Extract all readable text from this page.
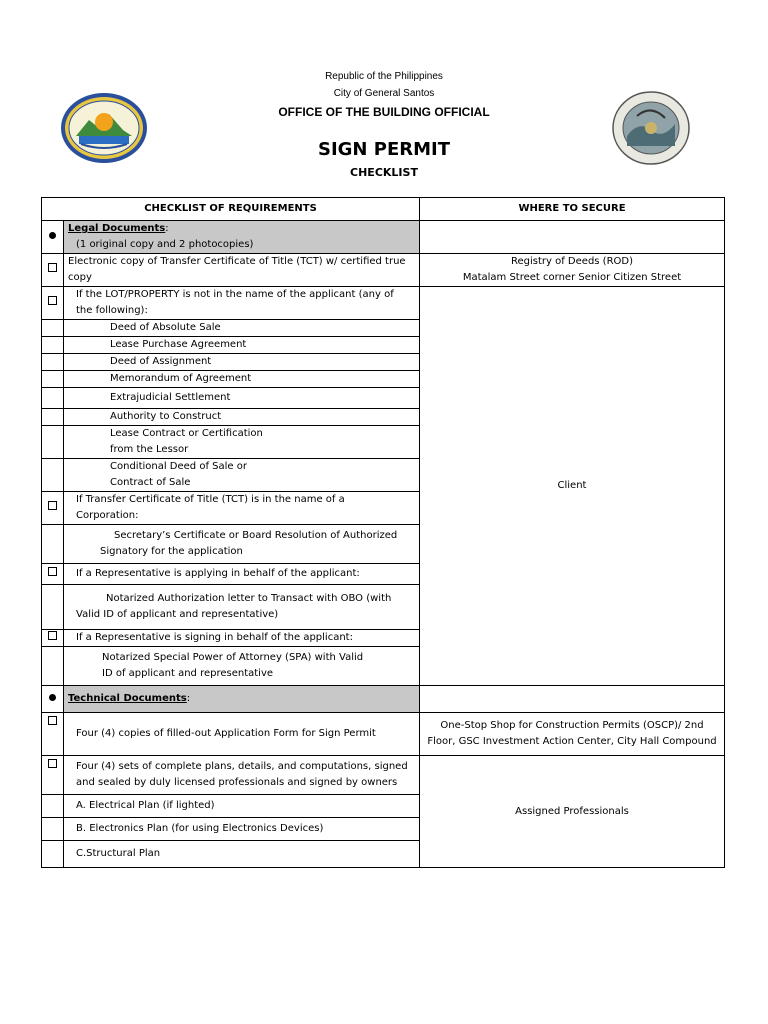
Republic of the Philippines
City of General Santos
OFFICE OF THE BUILDING OFFICIAL
SIGN PERMIT
CHECKLIST
CHECKLIST OF REQUIREMENTS		WHERE TO SECURE
	Legal Documents:
(1 original copy and 2 photocopies)	

	Electronic copy of Transfer Certificate of Title (TCT) w/ certified true
copy	Registry of Deeds (ROD)
Matalam Street corner Senior Citizen Street

	If the LOT/PROPERTY is not in the name of the applicant (any of
the following):	Client

	Deed of Absolute Sale	

	Lease Purchase Agreement	

	Deed of Assignment	

	Memorandum of Agreement	

	Extrajudicial Settlement	

	Authority to Construct	

	Lease Contract or Certification
from the Lessor	

	Conditional Deed of Sale or
Contract of Sale	

	If Transfer Certificate of Title (TCT) is in the name of a
Corporation:	

	Secretary’s Certificate or Board Resolution of Authorized
Signatory for the application	

	If a Representative is applying in behalf of the applicant:	

	Notarized Authorization letter to Transact with OBO (with
Valid ID of applicant and representative)	

	If a Representative is signing in behalf of the applicant:	

	Notarized Special Power of Attorney (SPA) with Valid
ID of applicant and representative	

	Technical Documents:	

	Four (4) copies of filled-out Application Form for Sign Permit	One-Stop Shop for Construction Permits (OSCP)/ 2nd
Floor, GSC Investment Action Center, City Hall Compound

	Four (4) sets of complete plans, details, and computations, signed
and sealed by duly licensed professionals and signed by owners	Assigned Professionals

	A. Electrical Plan (if lighted)	

	B. Electronics Plan (for using Electronics Devices)	

	C.Structural Plan	
